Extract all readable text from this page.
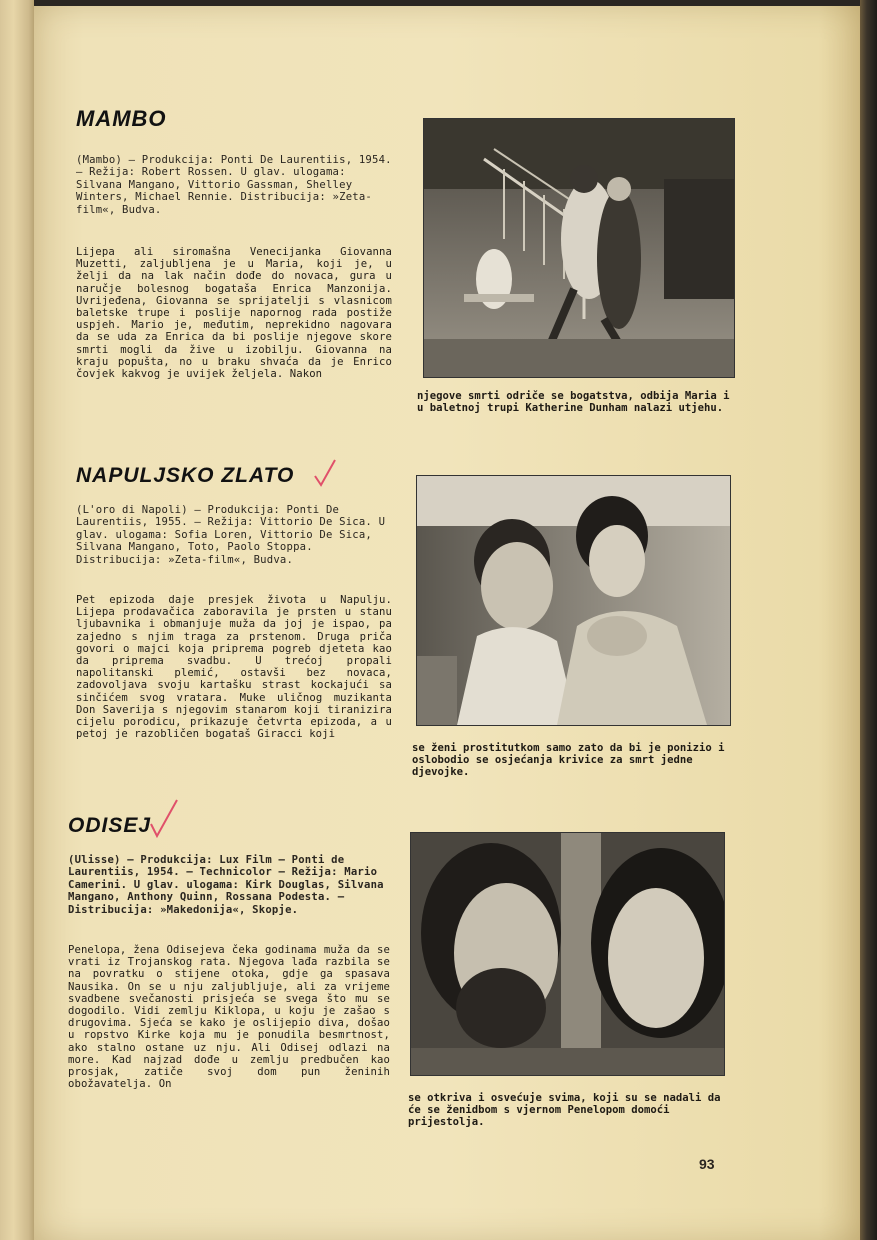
MAMBO

(Mambo) — Produkcija: Ponti De Laurentiis, 1954. — Režija: Robert Rossen. U glav. ulogama: Silvana Mangano, Vittorio Gassman, Shelley Winters, Michael Rennie. Distribucija: »Zeta-film«, Budva.

Lijepa ali siromašna Venecijanka Giovanna Muzetti, zaljubljena je u Maria, koji je, u želji da na lak način dođe do novaca, gura u naručje bolesnog bogataša Enrica Manzonija. Uvrijeđena, Giovanna se sprijatelji s vlasnicom baletske trupe i poslije napornog rada postiže uspjeh. Mario je, međutim, neprekidno nagovara da se uda za Enrica da bi poslije njegove skore smrti mogli da žive u izobilju. Giovanna na kraju popušta, no u braku shvaća da je Enrico čovjek kakvog je uvijek željela. Nakon

njegove smrti odriče se bogatstva, odbija Maria i u baletnoj trupi Katherine Dunham nalazi utjehu.

NAPULJSKO ZLATO

(L'oro di Napoli) — Produkcija: Ponti De Laurentiis, 1955. — Režija: Vittorio De Sica. U glav. ulogama: Sofia Loren, Vittorio De Sica, Silvana Mangano, Toto, Paolo Stoppa. Distribucija: »Zeta-film«, Budva.

Pet epizoda daje presjek života u Napulju. Lijepa prodavačica zaboravila je prsten u stanu ljubavnika i obmanjuje muža da joj je ispao, pa zajedno s njim traga za prstenom. Druga priča govori o majci koja priprema pogreb djeteta kao da priprema svadbu. U trećoj propali napolitanski plemić, ostavši bez novaca, zadovoljava svoju kartašku strast kockajući sa sinčićem svog vratara. Muke uličnog muzikanta Don Saverija s njegovim stanarom koji tiranizira cijelu porodicu, prikazuje četvrta epizoda, a u petoj je razobličen bogataš Giracci koji

se ženi prostitutkom samo zato da bi je ponizio i oslobodio se osjećanja krivice za smrt jedne djevojke.

ODISEJ

(Ulisse) — Produkcija: Lux Film — Ponti de Laurentiis, 1954. — Technicolor — Režija: Mario Camerini. U glav. ulogama: Kirk Douglas, Silvana Mangano, Anthony Quinn, Rossana Podesta. — Distribucija: »Makedonija«, Skopje.

Penelopa, žena Odisejeva čeka godinama muža da se vrati iz Trojanskog rata. Njegova lađa razbila se na povratku o stijene otoka, gdje ga spasava Nausika. On se u nju zaljubljuje, ali za vrijeme svadbene svečanosti prisjeća se svega što mu se dogodilo. Vidi zemlju Kiklopa, u koju je zašao s drugovima. Sjeća se kako je oslijepio diva, došao u ropstvo Kirke koja mu je ponudila besmrtnost, ako stalno ostane uz nju. Ali Odisej odlazi na more. Kad najzad dođe u zemlju predbučen kao prosjak, zatiče svoj dom pun ženinih obožavatelja. On

se otkriva i osvećuje svima, koji su se nadali da će se ženidbom s vjernom Penelopom domoći prijestolja.

93
